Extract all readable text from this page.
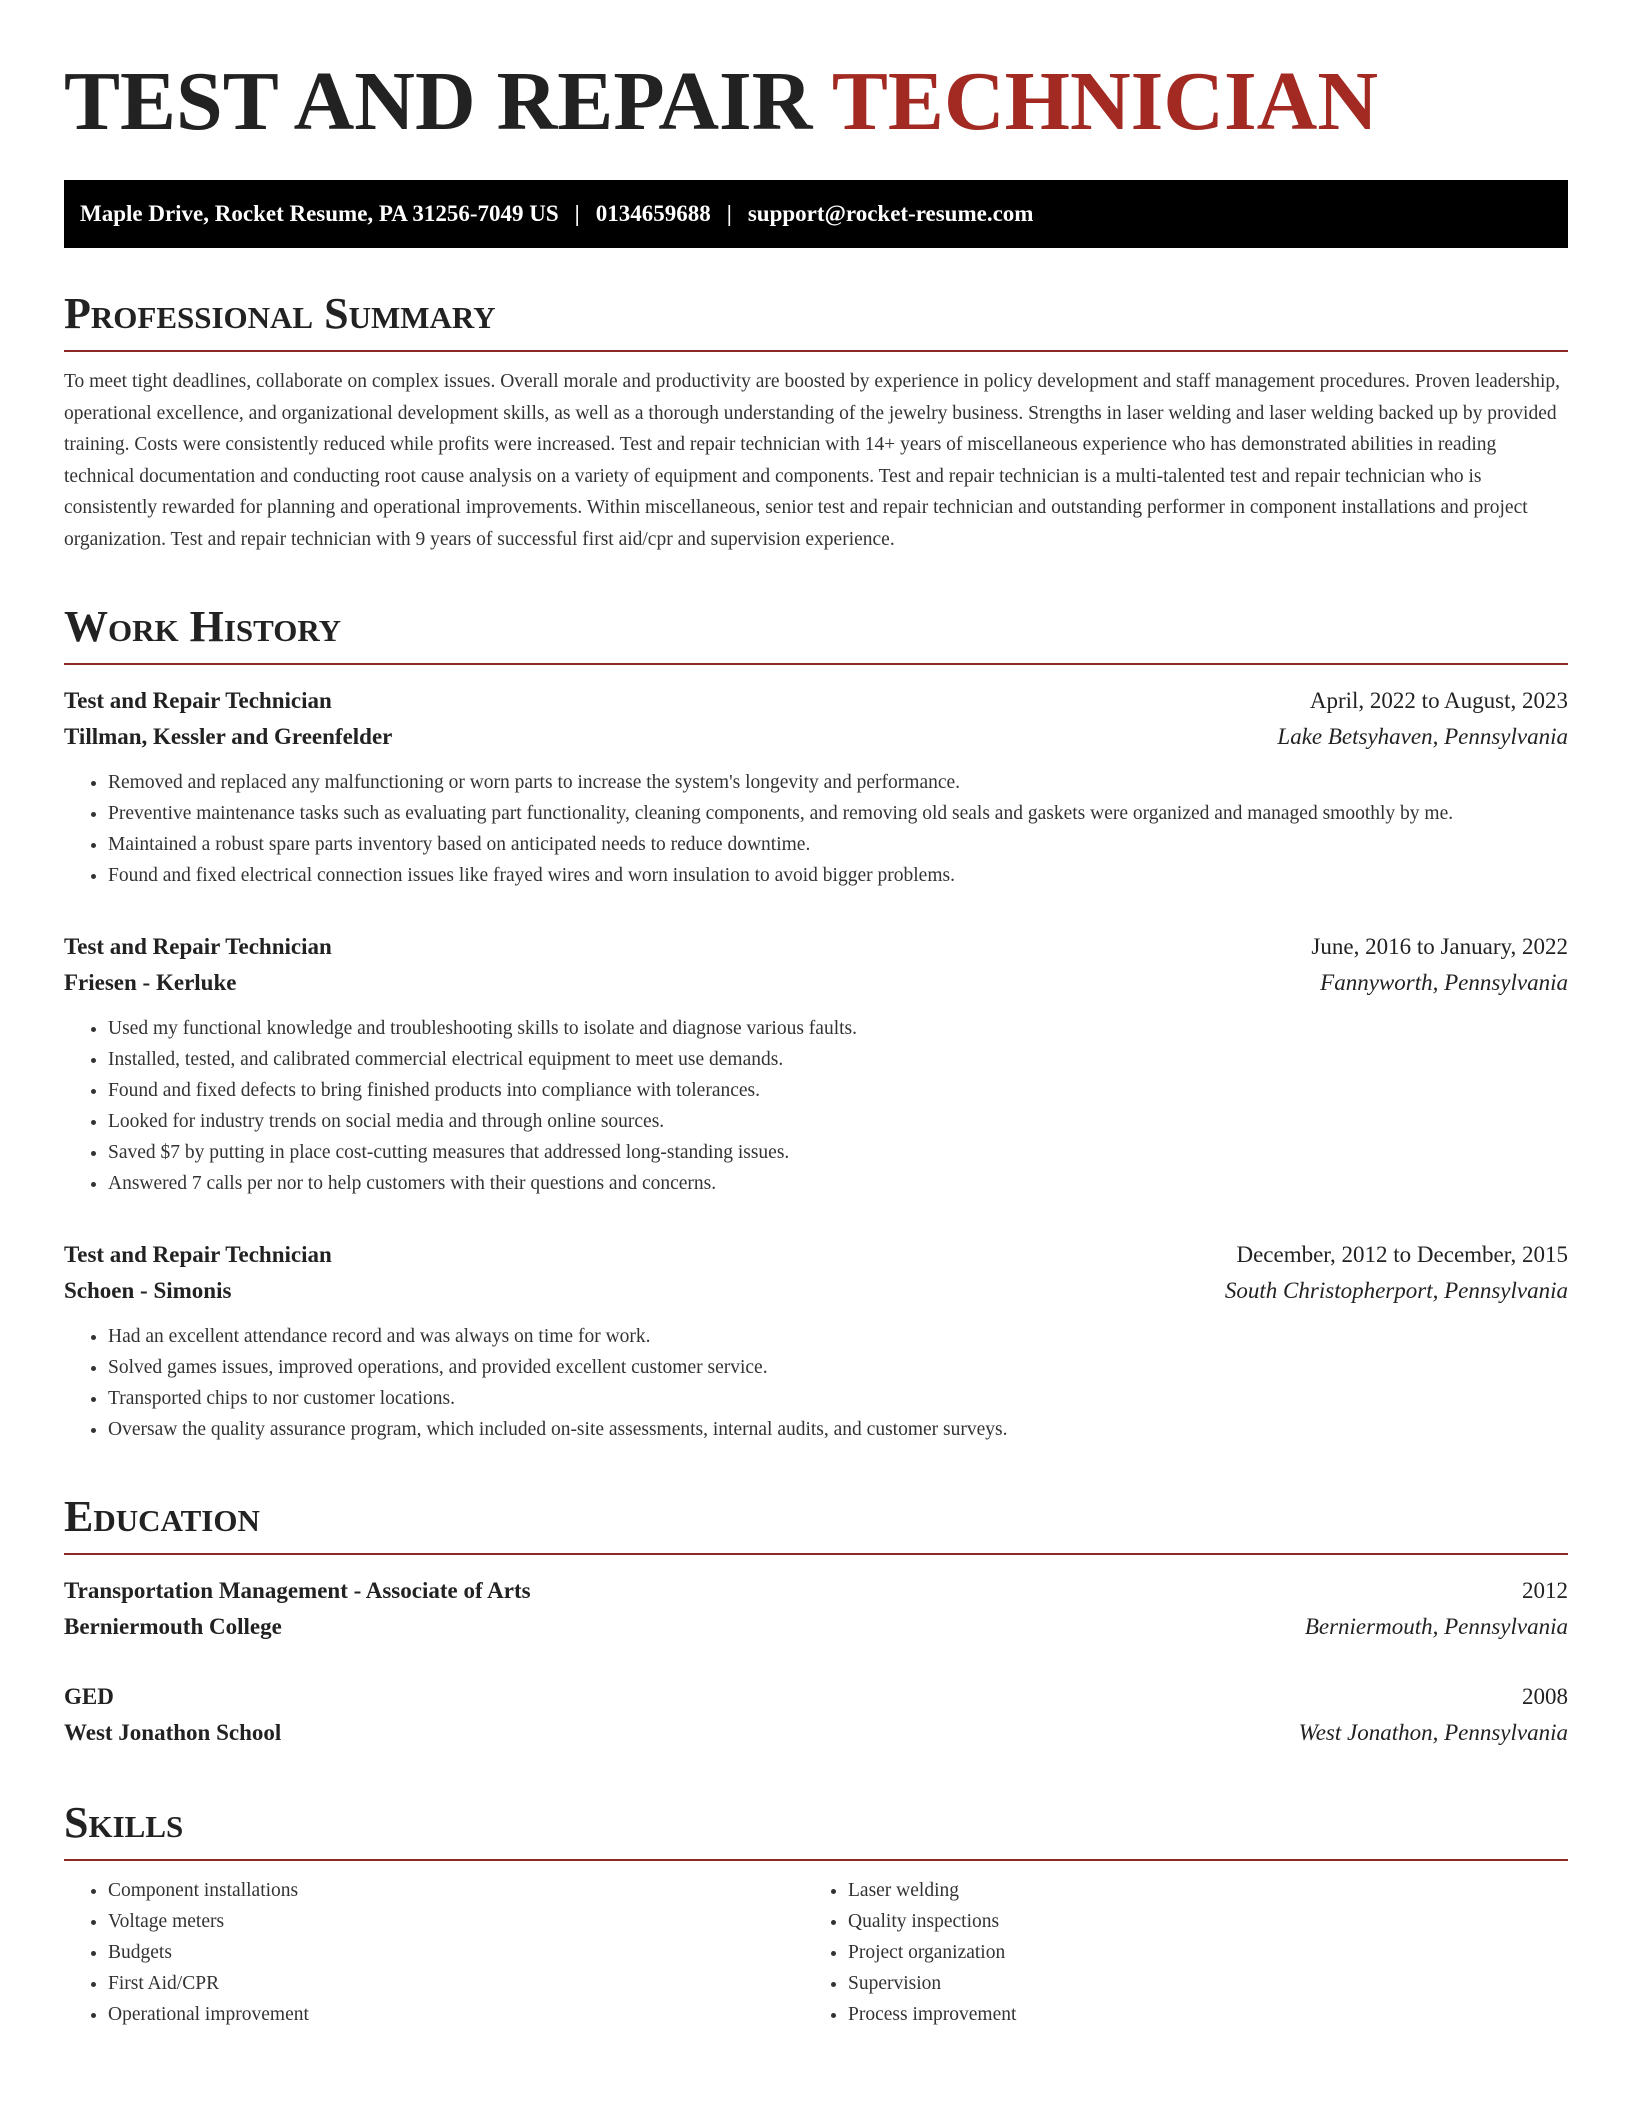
TEST AND REPAIR TECHNICIAN
Maple Drive, Rocket Resume, PA 31256-7049 US | 0134659688 | support@rocket-resume.com
Professional Summary

To meet tight deadlines, collaborate on complex issues. Overall morale and productivity are boosted by experience in policy development and staff management procedures. Proven leadership, operational excellence, and organizational development skills, as well as a thorough understanding of the jewelry business. Strengths in laser welding and laser welding backed up by provided training. Costs were consistently reduced while profits were increased. Test and repair technician with 14+ years of miscellaneous experience who has demonstrated abilities in reading technical documentation and conducting root cause analysis on a variety of equipment and components. Test and repair technician is a multi-talented test and repair technician who is consistently rewarded for planning and operational improvements. Within miscellaneous, senior test and repair technician and outstanding performer in component installations and project organization. Test and repair technician with 9 years of successful first aid/cpr and supervision experience.

Work History
Test and Repair Technician	April, 2022 to August, 2023
Tillman, Kessler and Greenfelder	Lake Betsyhaven, Pennsylvania
• Removed and replaced any malfunctioning or worn parts to increase the system's longevity and performance.
• Preventive maintenance tasks such as evaluating part functionality, cleaning components, and removing old seals and gaskets were organized and managed smoothly by me.
• Maintained a robust spare parts inventory based on anticipated needs to reduce downtime.
• Found and fixed electrical connection issues like frayed wires and worn insulation to avoid bigger problems.
Test and Repair Technician	June, 2016 to January, 2022
Friesen - Kerluke	Fannyworth, Pennsylvania
• Used my functional knowledge and troubleshooting skills to isolate and diagnose various faults.
• Installed, tested, and calibrated commercial electrical equipment to meet use demands.
• Found and fixed defects to bring finished products into compliance with tolerances.
• Looked for industry trends on social media and through online sources.
• Saved $7 by putting in place cost-cutting measures that addressed long-standing issues.
• Answered 7 calls per nor to help customers with their questions and concerns.
Test and Repair Technician	December, 2012 to December, 2015
Schoen - Simonis	South Christopherport, Pennsylvania
• Had an excellent attendance record and was always on time for work.
• Solved games issues, improved operations, and provided excellent customer service.
• Transported chips to nor customer locations.
• Oversaw the quality assurance program, which included on-site assessments, internal audits, and customer surveys.
Education
Transportation Management - Associate of Arts	2012
Berniermouth College	Berniermouth, Pennsylvania
GED	2008
West Jonathon School	West Jonathon, Pennsylvania
Skills
• Component installations
• Voltage meters
• Budgets
• First Aid/CPR
• Operational improvement
• Laser welding
• Quality inspections
• Project organization
• Supervision
• Process improvement
